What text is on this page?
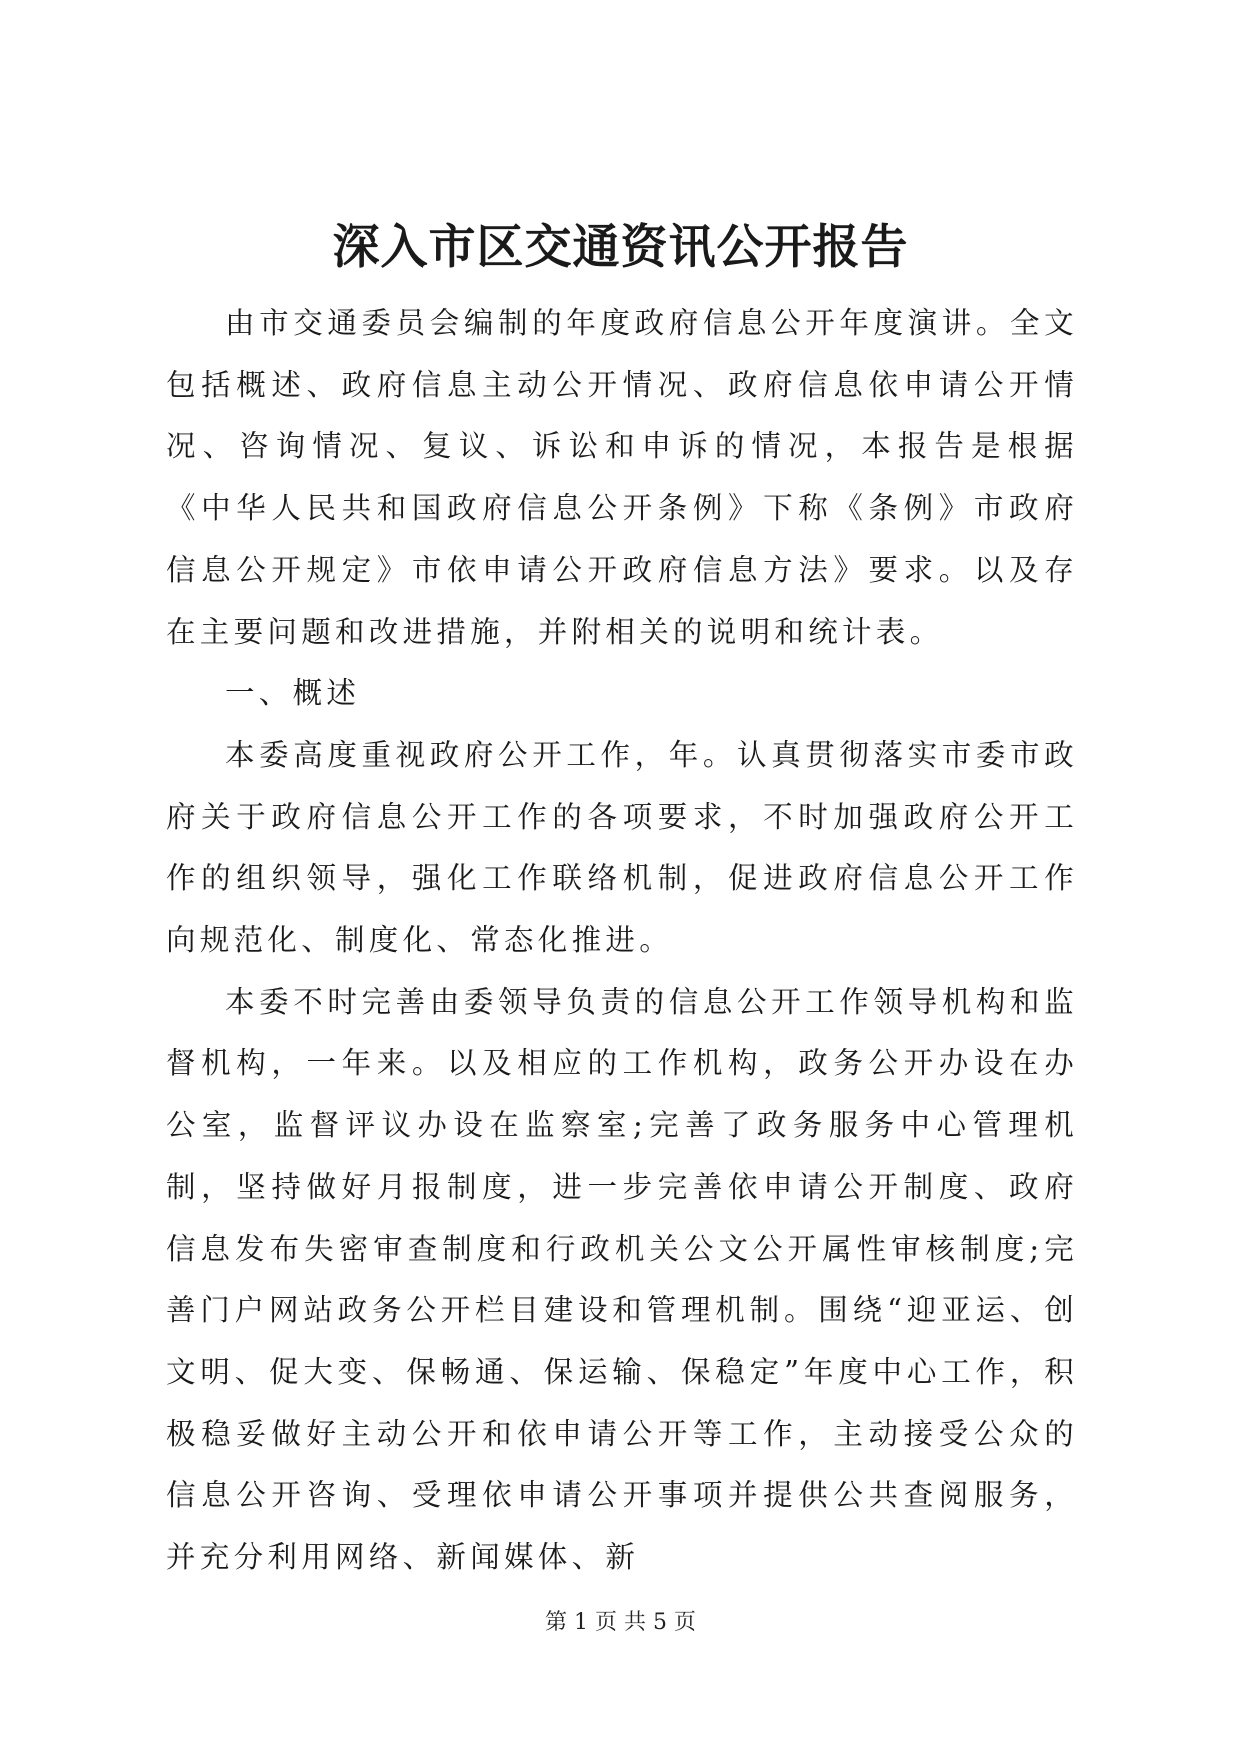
深入市区交通资讯公开报告

由市交通委员会编制的年度政府信息公开年度演讲。全文包括概述、政府信息主动公开情况、政府信息依申请公开情况、咨询情况、复议、诉讼和申诉的情况，本报告是根据《中华人民共和国政府信息公开条例》下称《条例》市政府信息公开规定》市依申请公开政府信息方法》要求。以及存在主要问题和改进措施，并附相关的说明和统计表。

一、概述

本委高度重视政府公开工作，年。认真贯彻落实市委市政府关于政府信息公开工作的各项要求，不时加强政府公开工作的组织领导，强化工作联络机制，促进政府信息公开工作向规范化、制度化、常态化推进。

本委不时完善由委领导负责的信息公开工作领导机构和监督机构，一年来。以及相应的工作机构，政务公开办设在办公室，监督评议办设在监察室;完善了政务服务中心管理机制，坚持做好月报制度，进一步完善依申请公开制度、政府信息发布失密审查制度和行政机关公文公开属性审核制度;完善门户网站政务公开栏目建设和管理机制。围绕“迎亚运、创文明、促大变、保畅通、保运输、保稳定”年度中心工作，积极稳妥做好主动公开和依申请公开等工作，主动接受公众的信息公开咨询、受理依申请公开事项并提供公共查阅服务，并充分利用网络、新闻媒体、新

第 1 页 共 5 页
